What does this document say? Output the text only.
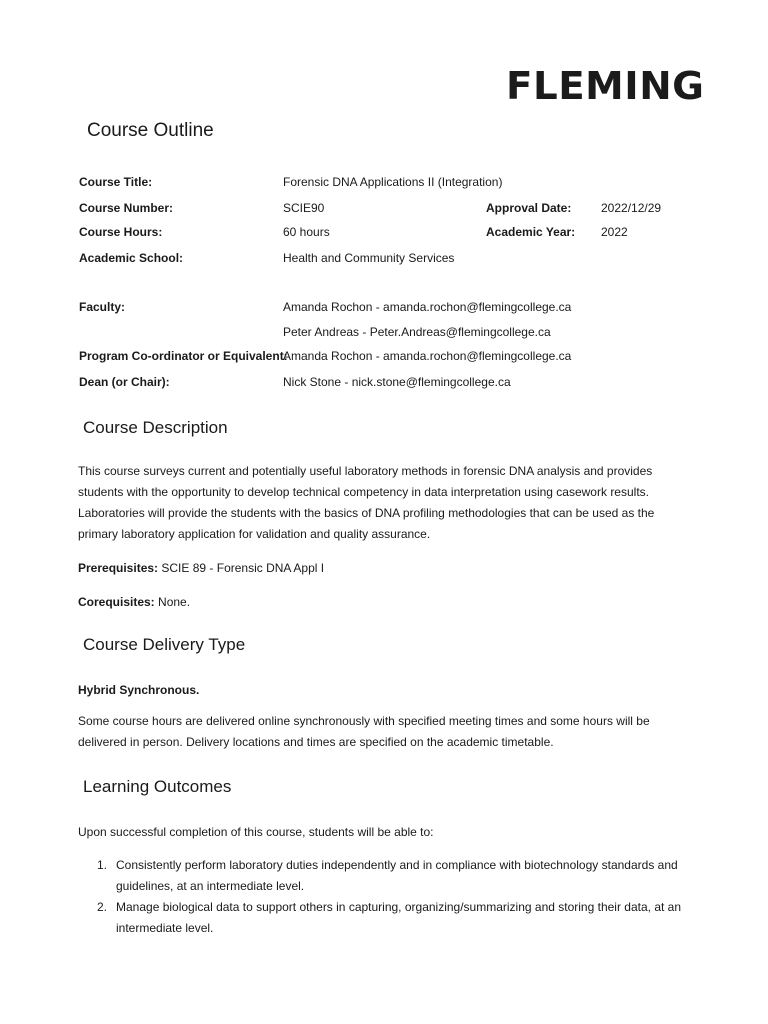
FLEMING
Course Outline
Course Title:	Forensic DNA Applications II (Integration)
Course Number:	SCIE90	Approval Date: 2022/12/29
Course Hours:	60 hours	Academic Year: 2022
Academic School:	Health and Community Services
Faculty:	Amanda Rochon - amanda.rochon@flemingcollege.ca
Peter Andreas - Peter.Andreas@flemingcollege.ca
Program Co-ordinator or Equivalent:
Amanda Rochon - amanda.rochon@flemingcollege.ca
Dean (or Chair):	Nick Stone - nick.stone@flemingcollege.ca
Course Description
This course surveys current and potentially useful laboratory methods in forensic DNA analysis and provides
students with the opportunity to develop technical competency in data interpretation using casework results.
Laboratories will provide the students with the basics of DNA profiling methodologies that can be used as the
primary laboratory application for validation and quality assurance.
Prerequisites: SCIE 89 - Forensic DNA Appl I
Corequisites: None.
Course Delivery Type
Hybrid Synchronous.
Some course hours are delivered online synchronously with specified meeting times and some hours will be
delivered in person. Delivery locations and times are specified on the academic timetable.
Learning Outcomes
Upon successful completion of this course, students will be able to:
1. Consistently perform laboratory duties independently and in compliance with biotechnology standards and
guidelines, at an intermediate level.
2. Manage biological data to support others in capturing, organizing/summarizing and storing their data, at an
intermediate level.
